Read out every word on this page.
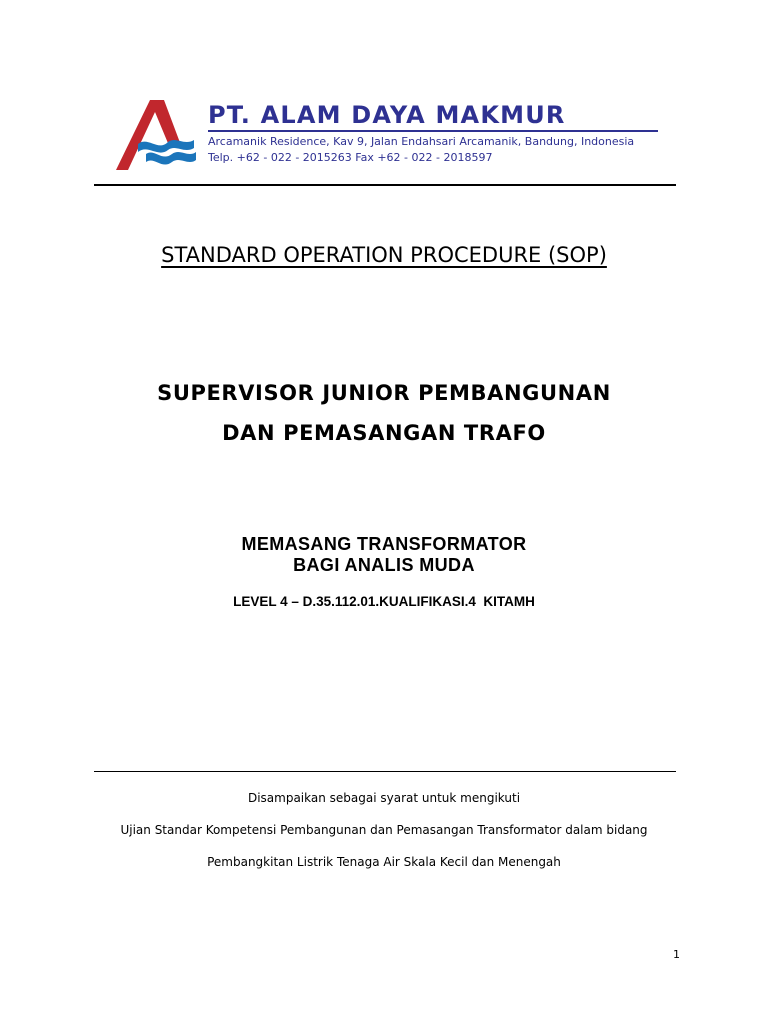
PT. ALAM DAYA MAKMUR
Arcamanik Residence, Kav 9, Jalan Endahsari Arcamanik, Bandung, Indonesia
Telp. +62 - 022 - 2015263 Fax +62 - 022 - 2018597
STANDARD OPERATION PROCEDURE (SOP)
SUPERVISOR JUNIOR PEMBANGUNAN
DAN PEMASANGAN TRAFO
MEMASANG TRANSFORMATOR
BAGI ANALIS MUDA
LEVEL 4 – D.35.112.01.KUALIFIKASI.4  KITAMH
Disampaikan sebagai syarat untuk mengikuti
Ujian Standar Kompetensi Pembangunan dan Pemasangan Transformator dalam bidang
Pembangkitan Listrik Tenaga Air Skala Kecil dan Menengah
1
